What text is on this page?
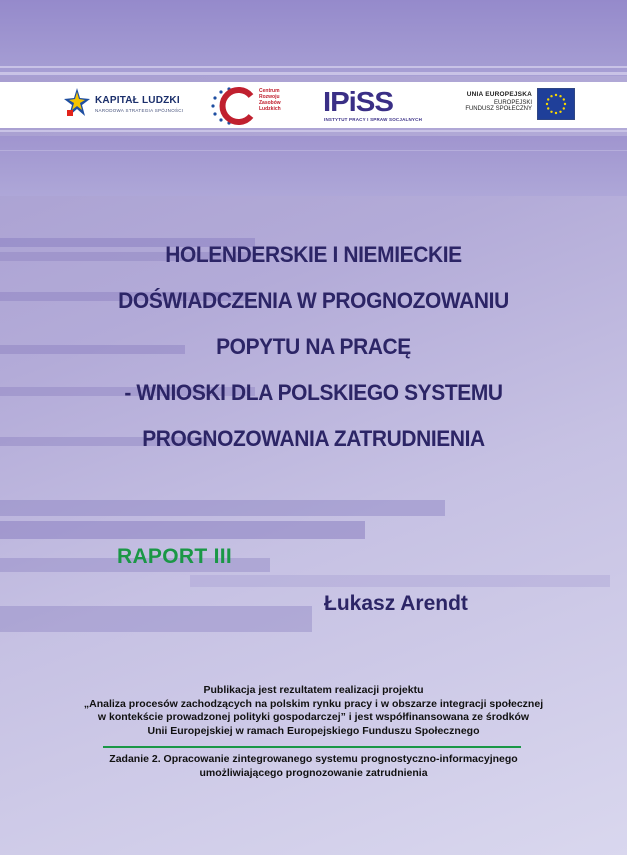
KAPITAŁ LUDZKI
NARODOWA STRATEGIA SPÓJNOŚCI
Centrum
Rozwoju
Zasobów
Ludzkich IPiSS
INSTYTUT PRACY I SPRAW SOCJALNYCH
UNIA EUROPEJSKA
EUROPEJSKI
FUNDUSZ SPOŁECZNY
HOLENDERSKIE I NIEMIECKIE
DOŚWIADCZENIA W PROGNOZOWANIU
POPYTU NA PRACĘ
- WNIOSKI DLA POLSKIEGO SYSTEMU
PROGNOZOWANIA ZATRUDNIENIA
RAPORT III
Łukasz Arendt
Publikacja jest rezultatem realizacji projektu
„Analiza procesów zachodzących na polskim rynku pracy i w obszarze integracji społecznej
w kontekście prowadzonej polityki gospodarczej” i jest współfinansowana ze środków
Unii Europejskiej w ramach Europejskiego Funduszu Społecznego
Zadanie 2. Opracowanie zintegrowanego systemu prognostyczno-informacyjnego
umożliwiającego prognozowanie zatrudnienia
